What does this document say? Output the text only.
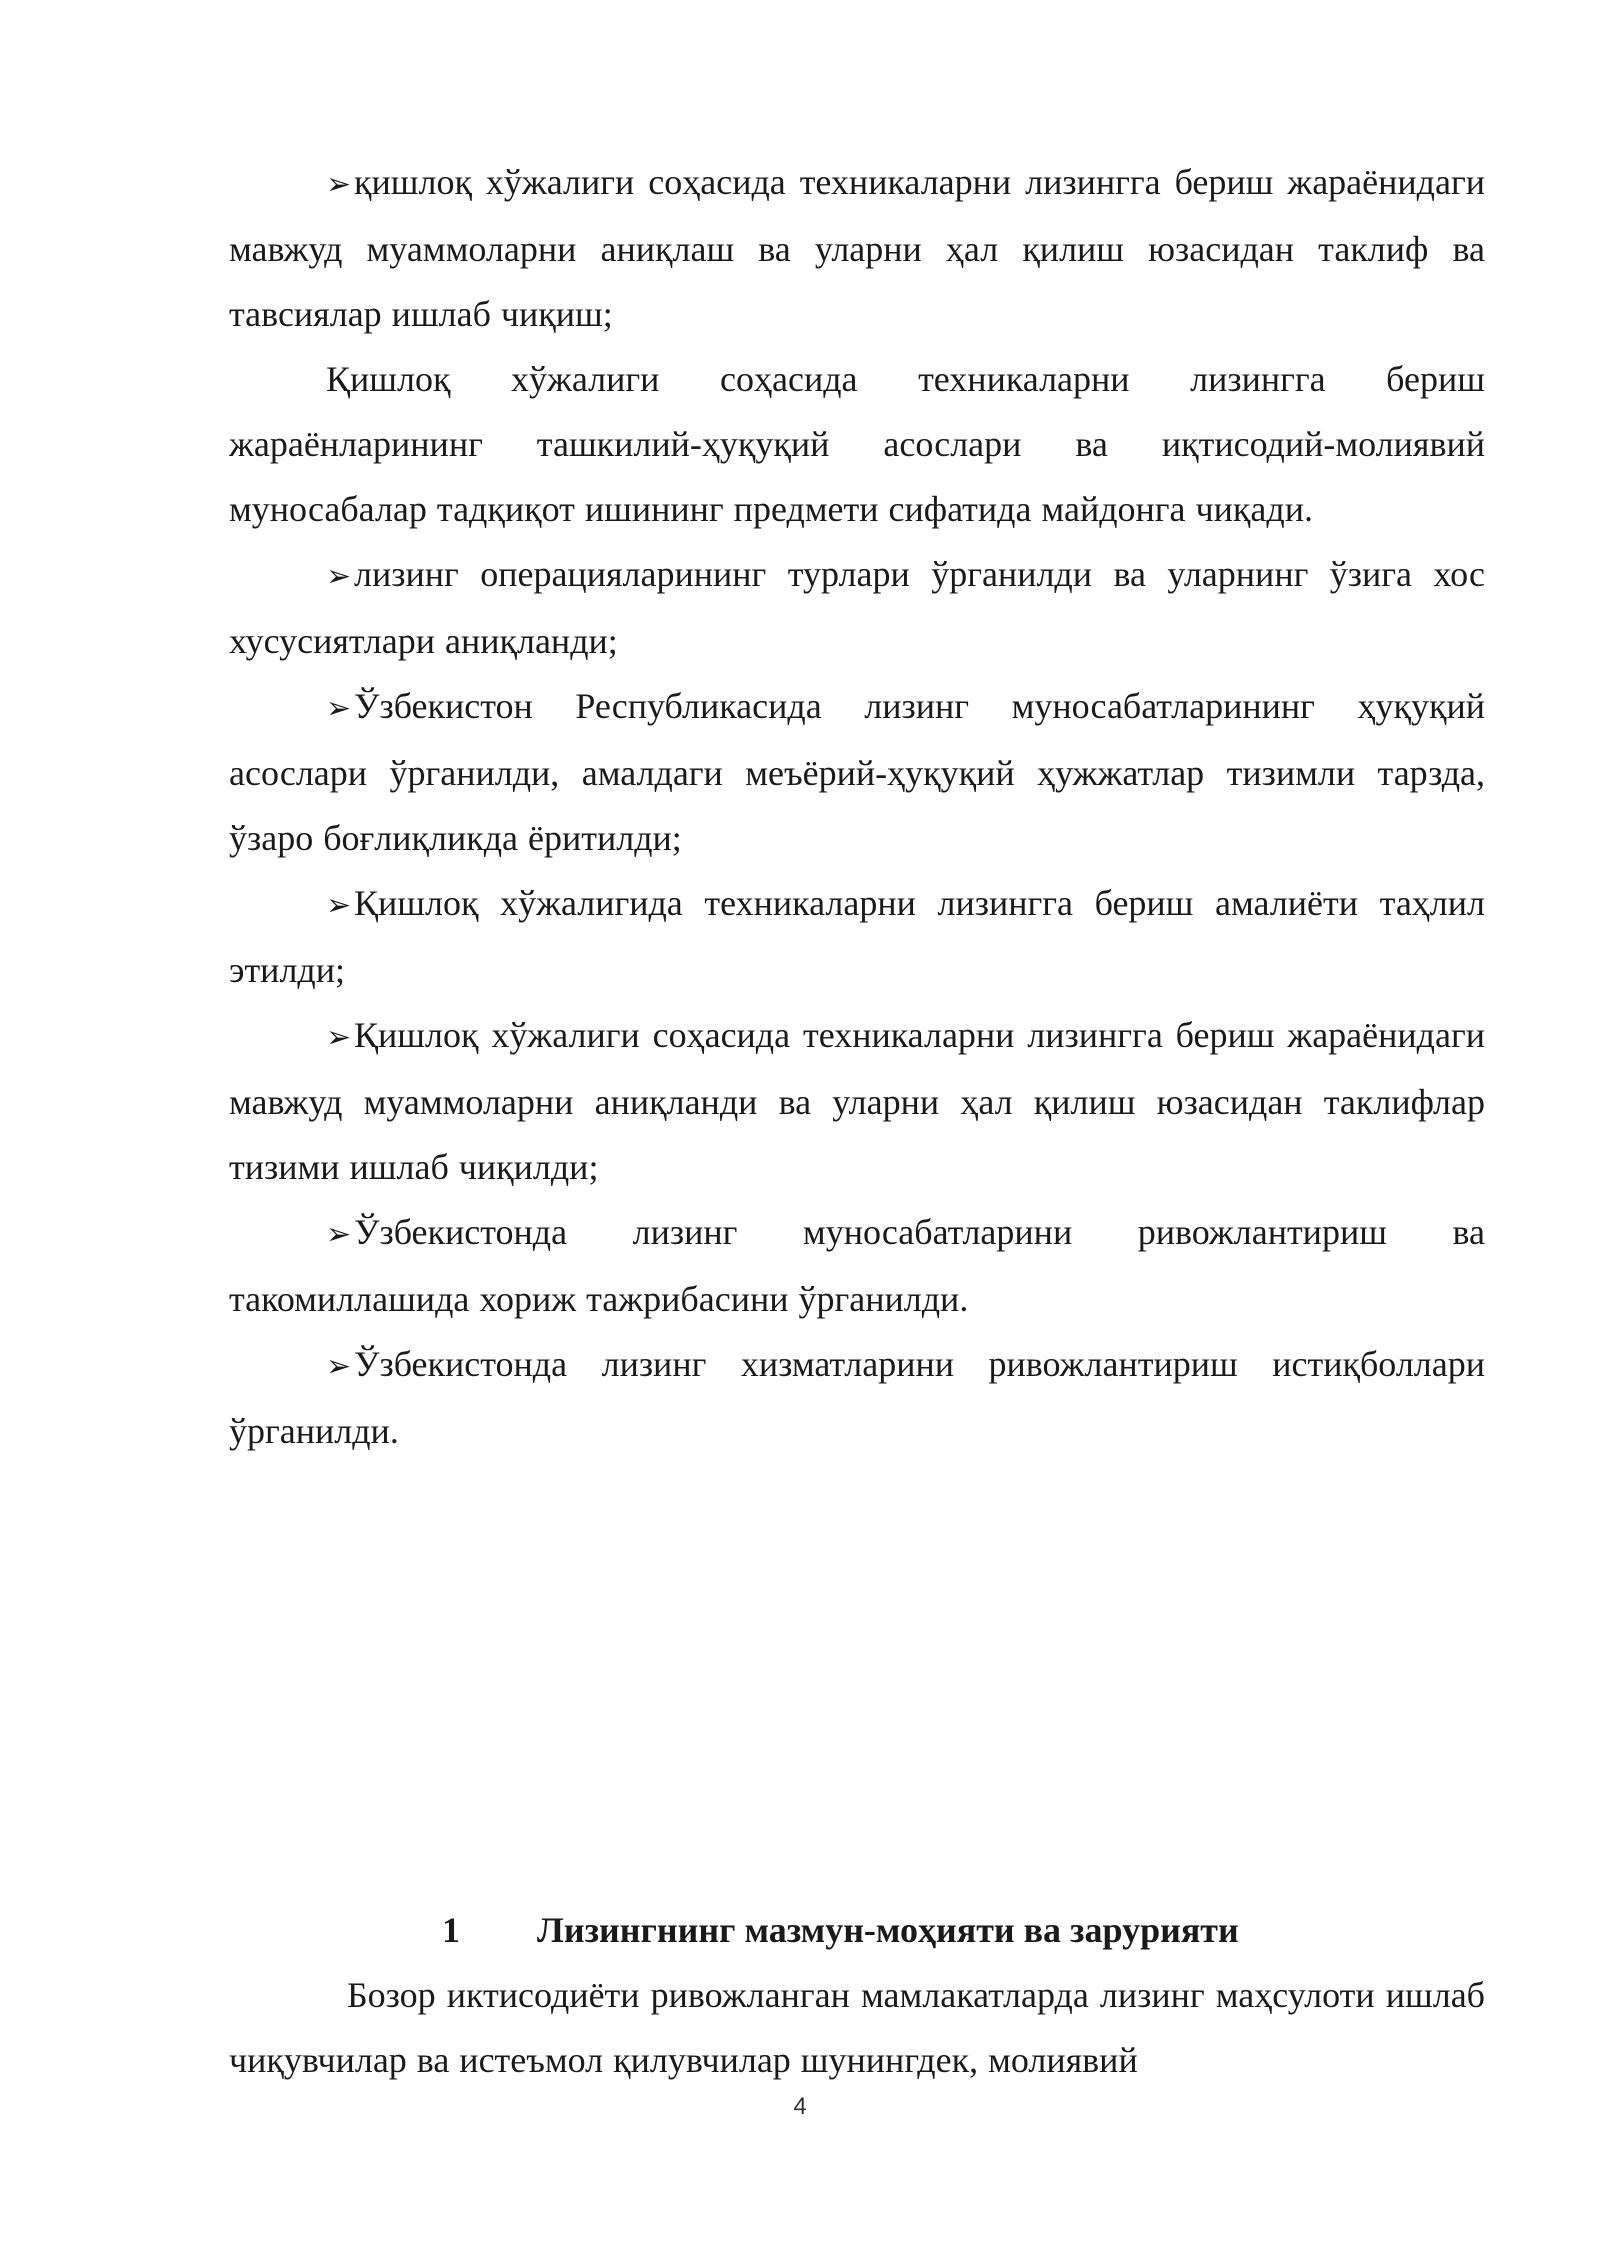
➢қишлоқ хўжалиги соҳасида техникаларни лизингга бериш жараёнидаги мавжуд муаммоларни аниқлаш ва уларни ҳал қилиш юзасидан таклиф ва тавсиялар ишлаб чиқиш;

Қишлоқ хўжалиги соҳасида техникаларни лизингга бериш жараёнларининг ташкилий-ҳуқуқий асослари ва иқтисодий-молиявий муносабалар тадқиқот ишининг предмети сифатида майдонга чиқади.

➢лизинг операцияларининг турлари ўрганилди ва уларнинг ўзига хос хусусиятлари аниқланди;

➢Ўзбекистон Республикасида лизинг муносабатларининг ҳуқуқий асослари ўрганилди, амалдаги меъёрий-ҳуқуқий ҳужжатлар тизимли тарзда, ўзаро боғлиқликда ёритилди;

➢Қишлоқ хўжалигида техникаларни лизингга бериш амалиёти таҳлил этилди;

➢Қишлоқ хўжалиги соҳасида техникаларни лизингга бериш жараёнидаги мавжуд муаммоларни аниқланди ва уларни ҳал қилиш юзасидан таклифлар тизими ишлаб чиқилди;

➢Ўзбекистонда лизинг муносабатларини ривожлантириш ва такомиллашида хориж тажрибасини ўрганилди.

➢Ўзбекистонда лизинг хизматларини ривожлантириш истиқболлари ўрганилди.

1 Лизингнинг мазмун-моҳияти ва зарурияти

Бозор иктисодиёти ривожланган мамлакатларда лизинг маҳсулоти ишлаб чиқувчилар ва истеъмол қилувчилар шунингдек, молиявий

4
